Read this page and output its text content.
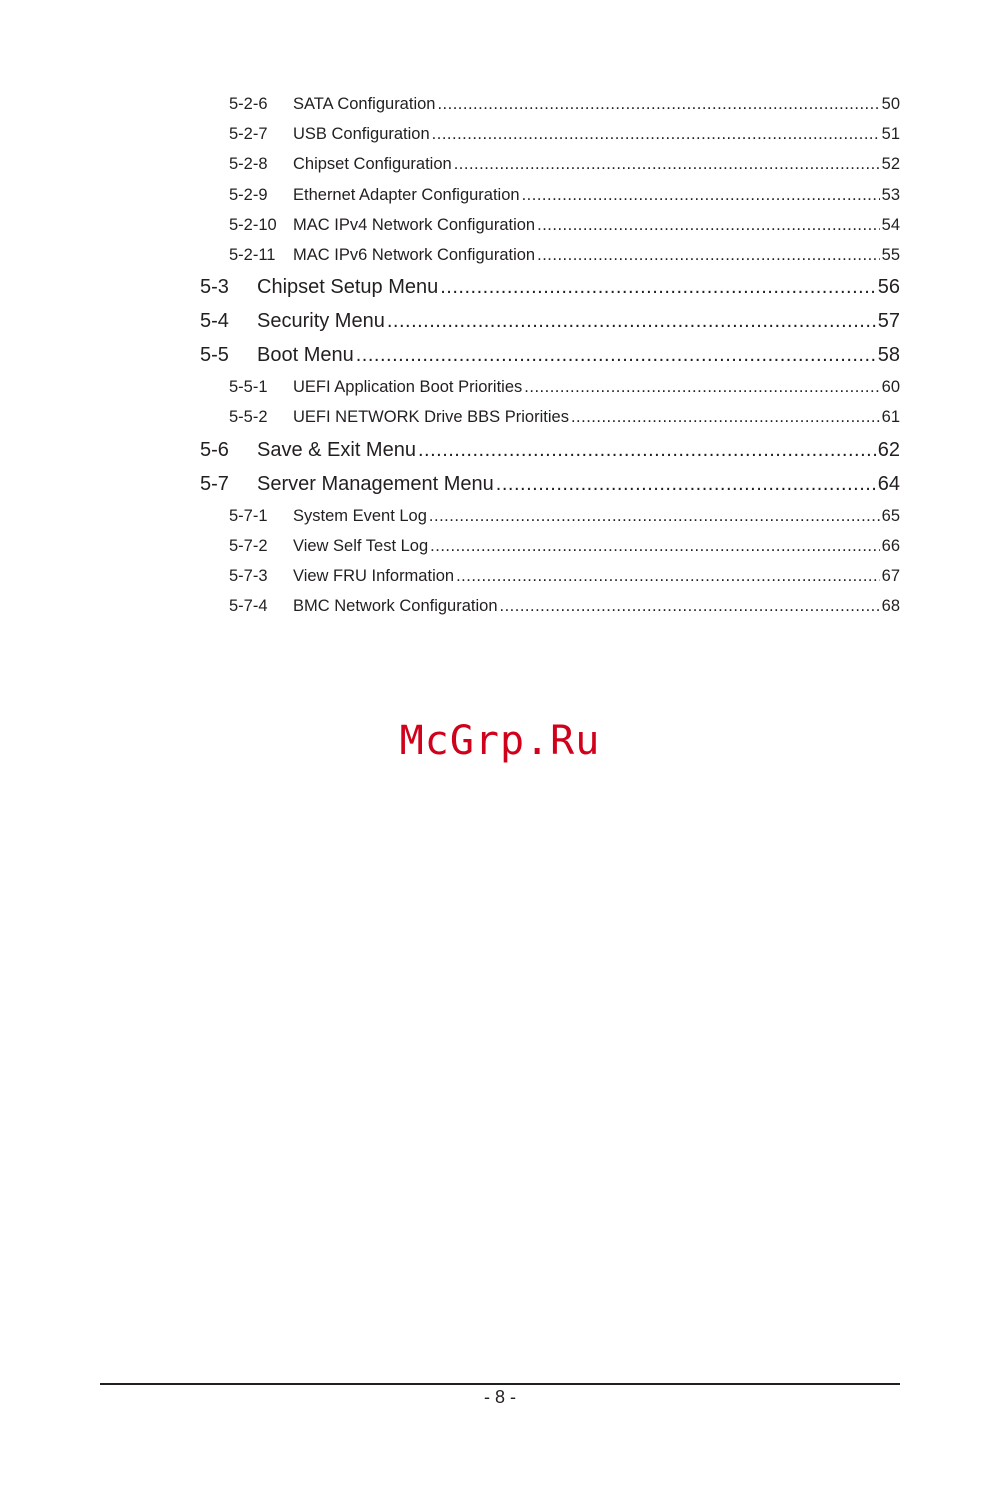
5-2-6	SATA Configuration .....	50
5-2-7	USB Configuration .....	51
5-2-8	Chipset Configuration .....	52
5-2-9	Ethernet Adapter Configuration .....	53
5-2-10 MAC IPv4 Network Configuration .....	54
5-2-11	MAC IPv6 Network Configuration .....	55
5-3	Chipset Setup Menu .....	56
5-4	Security Menu .....	57
5-5	Boot Menu .....	58
5-5-1	UEFI Application Boot Priorities .....	60
5-5-2	UEFI NETWORK Drive BBS Priorities .....	61
5-6	Save & Exit Menu .....	62
5-7	Server Management Menu .....	64
5-7-1	System Event Log .....	65
5-7-2	View Self Test Log .....	66
5-7-3	View FRU Information .....	67
5-7-4	BMC Network Configuration .....	68
McGrp.Ru
- 8 -
